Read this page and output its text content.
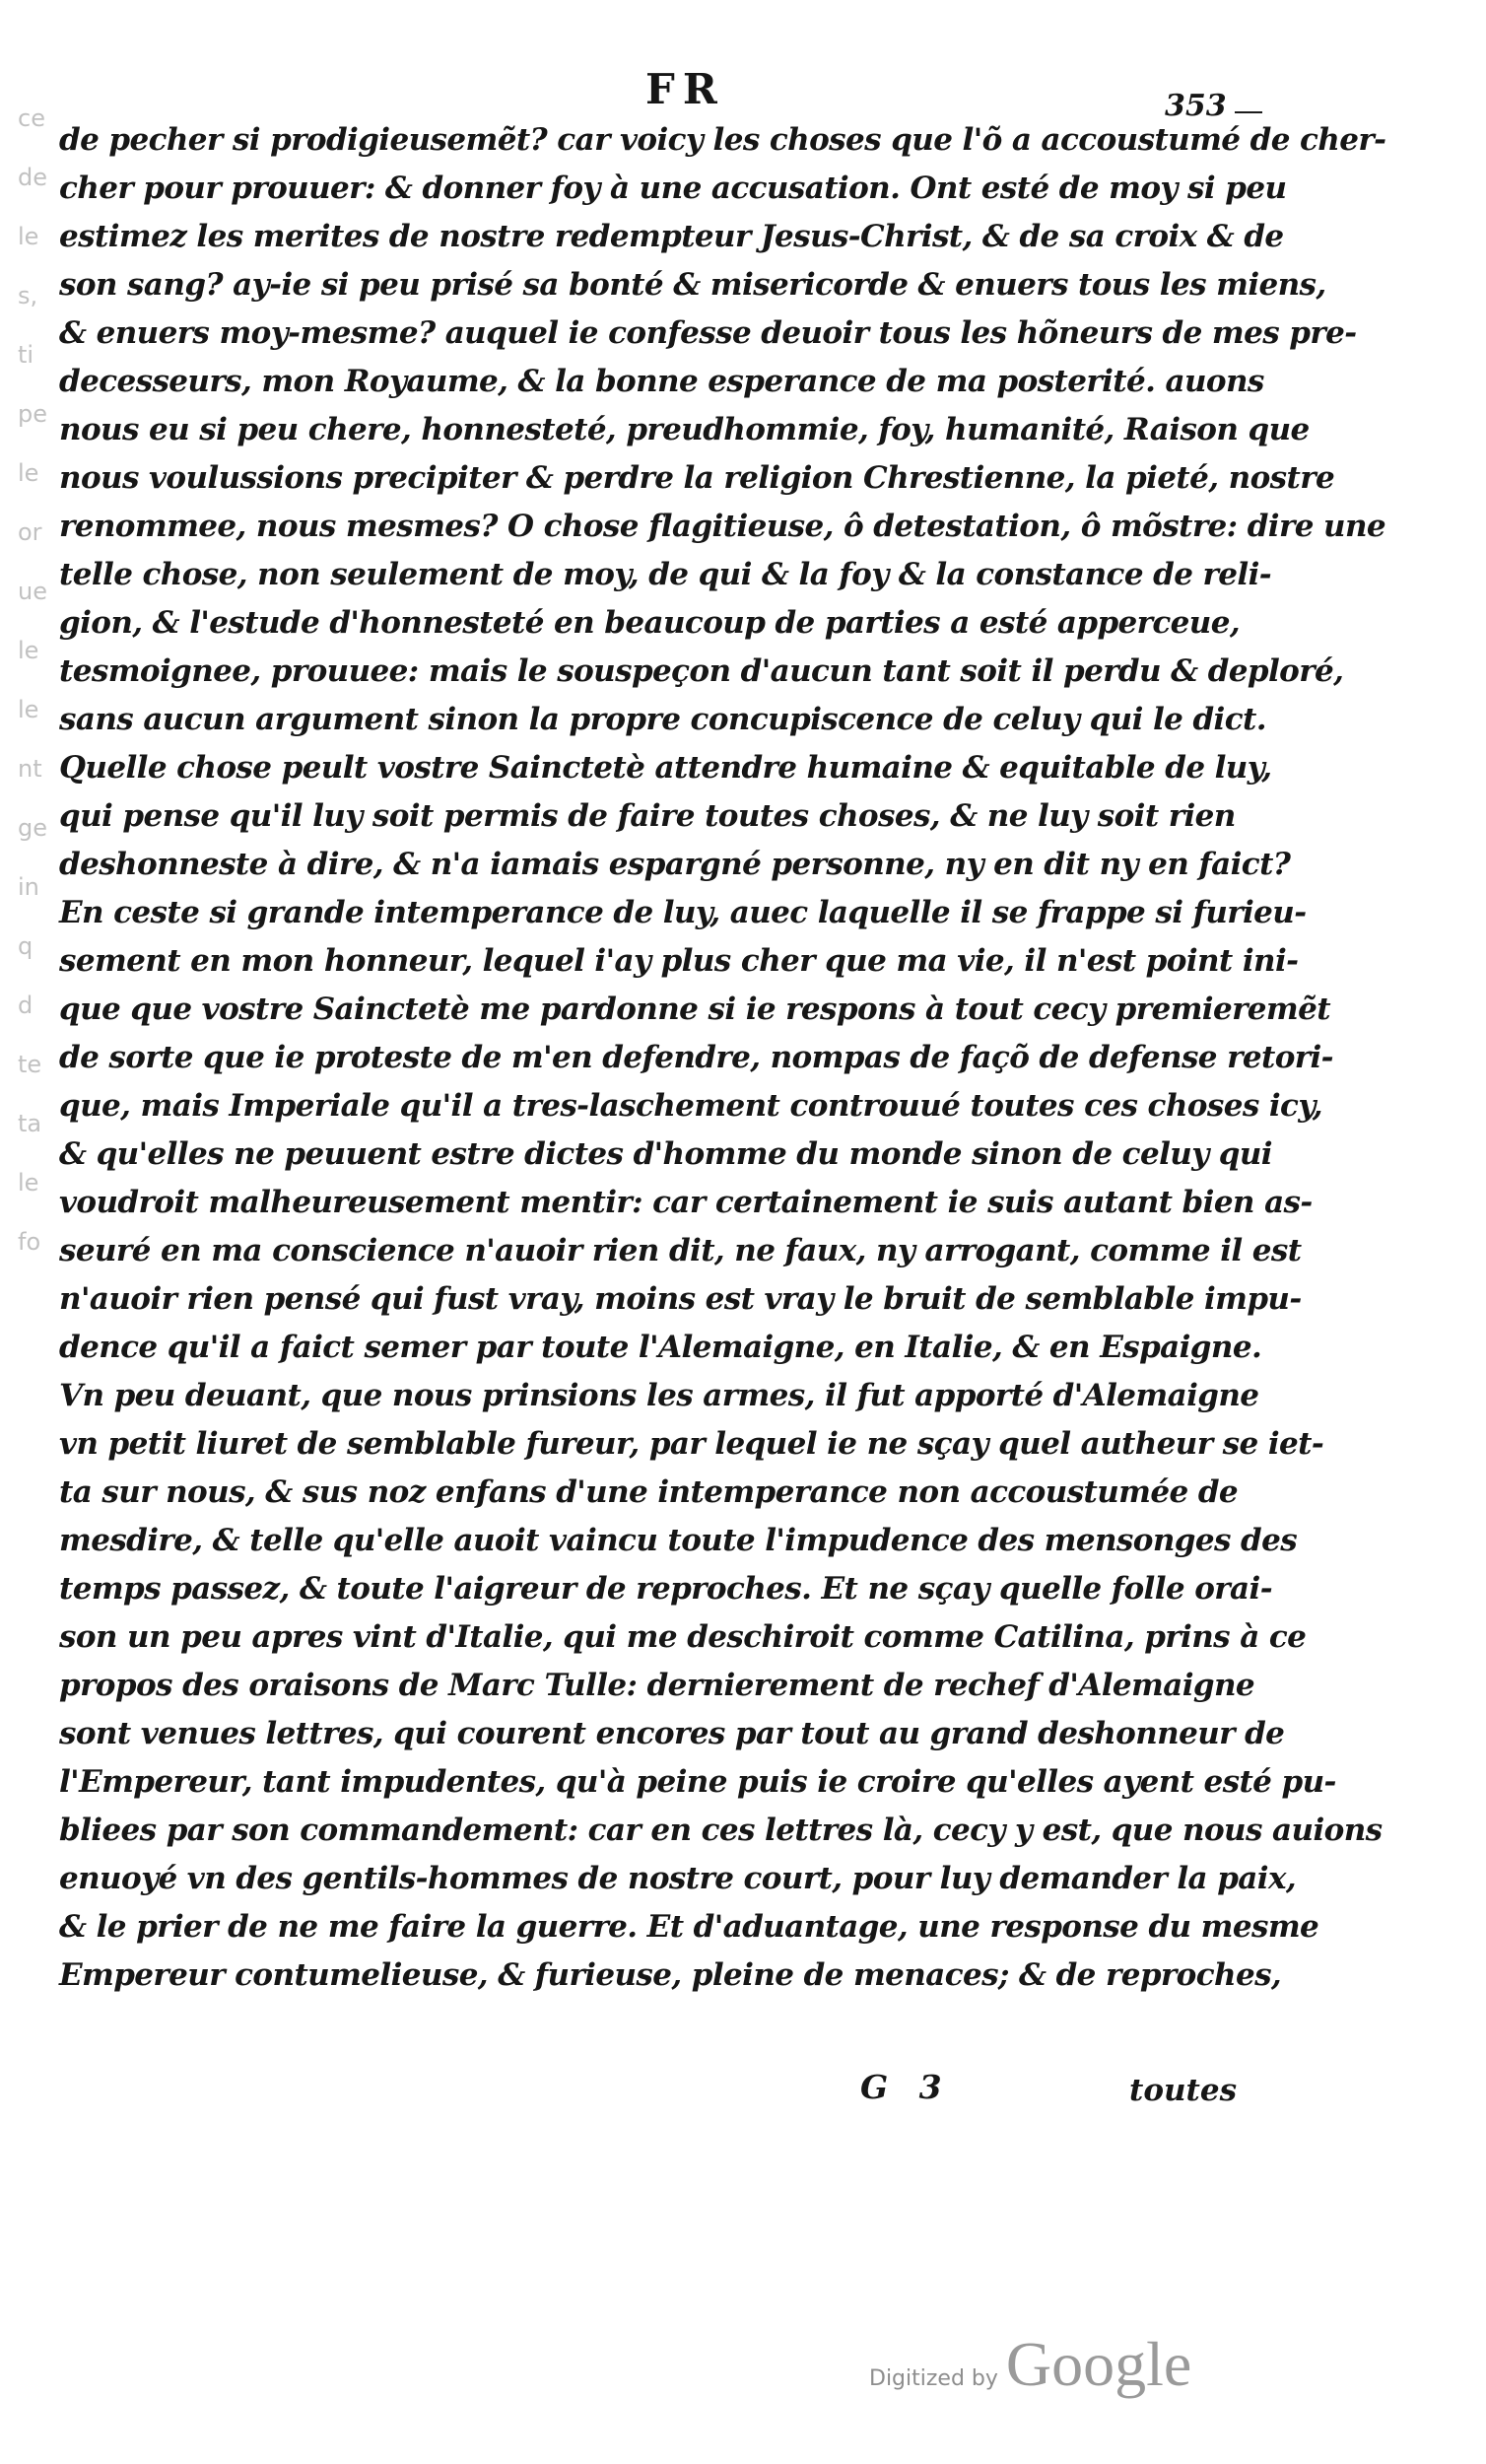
ce
de
le
s,
ti
pe
le
or
ue
le
le
nt
ge
in
q
d
te
ta
le
fo
FR	353
de pecher si prodigieusemẽt? car voicy les choses que l'õ a accoustumé de cher-
cher pour prouuer: & donner foy à une accusation. Ont esté de moy si peu
estimez les merites de nostre redempteur Jesus-Christ, & de sa croix & de
son sang? ay-ie si peu prisé sa bonté & misericorde & enuers tous les miens,
& enuers moy-mesme? auquel ie confesse deuoir tous les hõneurs de mes pre-
decesseurs, mon Royaume, & la bonne esperance de ma posterité. auons
nous eu si peu chere, honnesteté, preudhommie, foy, humanité, Raison que
nous voulussions precipiter & perdre la religion Chrestienne, la pieté, nostre
renommee, nous mesmes? O chose flagitieuse, ô detestation, ô mõstre: dire une
telle chose, non seulement de moy, de qui & la foy & la constance de reli-
gion, & l'estude d'honnesteté en beaucoup de parties a esté apperceue,
tesmoignee, prouuee: mais le souspeçon d'aucun tant soit il perdu & deploré,
sans aucun argument sinon la propre concupiscence de celuy qui le dict.
Quelle chose peult vostre Sainctetè attendre humaine & equitable de luy,
qui pense qu'il luy soit permis de faire toutes choses, & ne luy soit rien
deshonneste à dire, & n'a iamais espargné personne, ny en dit ny en faict?
En ceste si grande intemperance de luy, auec laquelle il se frappe si furieu-
sement en mon honneur, lequel i'ay plus cher que ma vie, il n'est point ini-
que que vostre Sainctetè me pardonne si ie respons à tout cecy premieremẽt
de sorte que ie proteste de m'en defendre, nompas de façõ de defense retori-
que, mais Imperiale qu'il a tres-laschement controuué toutes ces choses icy,
& qu'elles ne peuuent estre dictes d'homme du monde sinon de celuy qui
voudroit malheureusement mentir: car certainement ie suis autant bien as-
seuré en ma conscience n'auoir rien dit, ne faux, ny arrogant, comme il est
n'auoir rien pensé qui fust vray, moins est vray le bruit de semblable impu-
dence qu'il a faict semer par toute l'Alemaigne, en Italie, & en Espaigne.
Vn peu deuant, que nous prinsions les armes, il fut apporté d'Alemaigne
vn petit liuret de semblable fureur, par lequel ie ne sçay quel autheur se iet-
ta sur nous, & sus noz enfans d'une intemperance non accoustumée de
mesdire, & telle qu'elle auoit vaincu toute l'impudence des mensonges des
temps passez, & toute l'aigreur de reproches. Et ne sçay quelle folle orai-
son un peu apres vint d'Italie, qui me deschiroit comme Catilina, prins à ce
propos des oraisons de Marc Tulle: dernierement de rechef d'Alemaigne
sont venues lettres, qui courent encores par tout au grand deshonneur de
l'Empereur, tant impudentes, qu'à peine puis ie croire qu'elles ayent esté pu-
bliees par son commandement: car en ces lettres là, cecy y est, que nous auions
enuoyé vn des gentils-hommes de nostre court, pour luy demander la paix,
& le prier de ne me faire la guerre. Et d'aduantage, une response du mesme
Empereur contumelieuse, & furieuse, pleine de menaces; & de reproches,
G 3	toutes
Digitized by Google
